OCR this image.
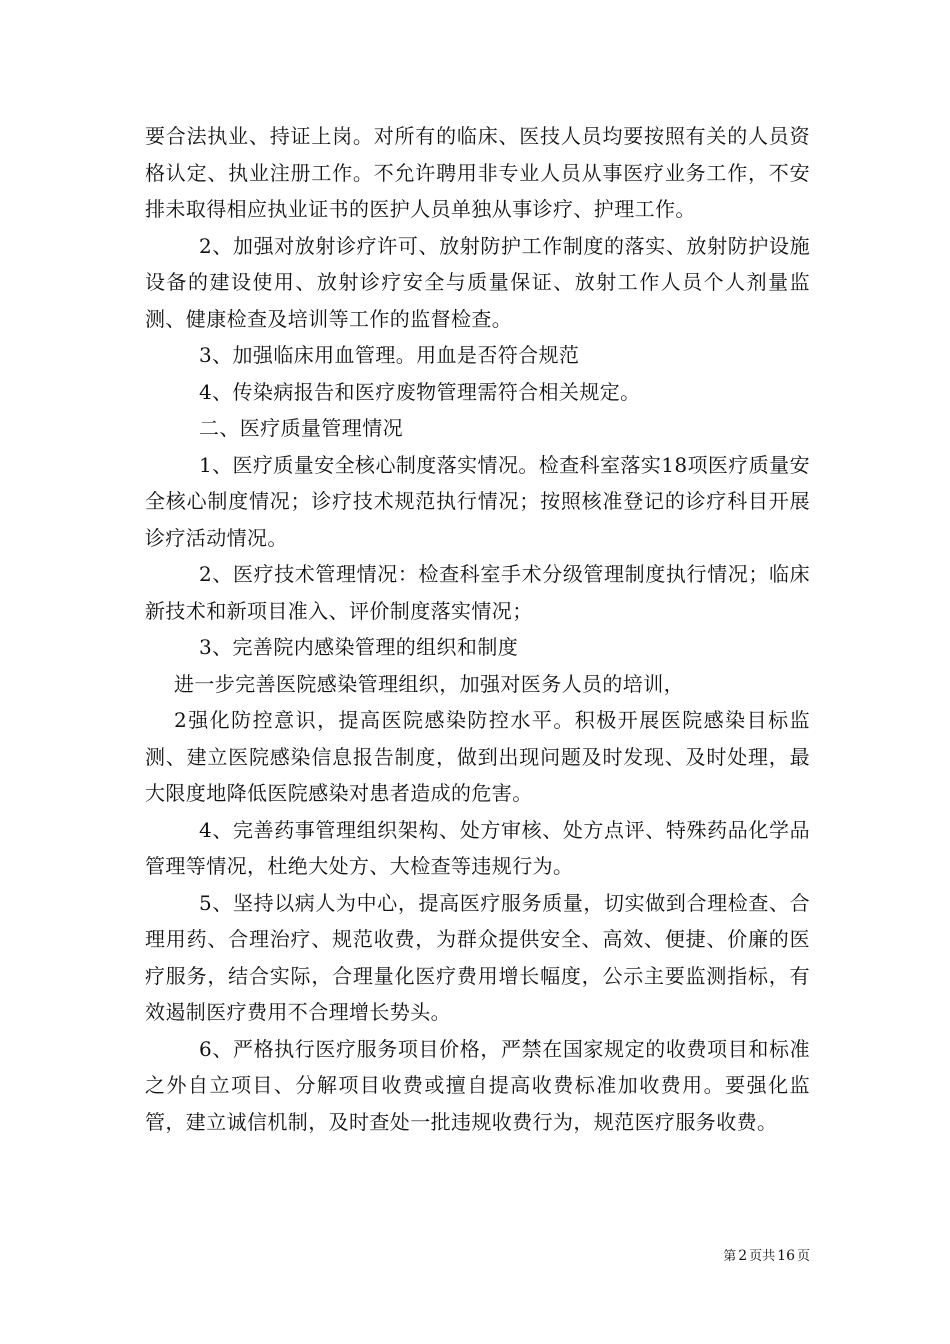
要合法执业、持证上岗。对所有的临床、医技人员均要按照有关的人员资格认定、执业注册工作。不允许聘用非专业人员从事医疗业务工作，不安排未取得相应执业证书的医护人员单独从事诊疗、护理工作。

2、加强对放射诊疗许可、放射防护工作制度的落实、放射防护设施设备的建设使用、放射诊疗安全与质量保证、放射工作人员个人剂量监测、健康检查及培训等工作的监督检查。

3、加强临床用血管理。用血是否符合规范

4、传染病报告和医疗废物管理需符合相关规定。

二、医疗质量管理情况

1、医疗质量安全核心制度落实情况。检查科室落实18项医疗质量安全核心制度情况；诊疗技术规范执行情况；按照核准登记的诊疗科目开展诊疗活动情况。

2、医疗技术管理情况：检查科室手术分级管理制度执行情况；临床新技术和新项目准入、评价制度落实情况；

3、完善院内感染管理的组织和制度

进一步完善医院感染管理组织，加强对医务人员的培训，

2强化防控意识，提高医院感染防控水平。积极开展医院感染目标监测、建立医院感染信息报告制度，做到出现问题及时发现、及时处理，最大限度地降低医院感染对患者造成的危害。

4、完善药事管理组织架构、处方审核、处方点评、特殊药品化学品管理等情况，杜绝大处方、大检查等违规行为。

5、坚持以病人为中心，提高医疗服务质量，切实做到合理检查、合理用药、合理治疗、规范收费，为群众提供安全、高效、便捷、价廉的医疗服务，结合实际，合理量化医疗费用增长幅度，公示主要监测指标，有效遏制医疗费用不合理增长势头。

6、严格执行医疗服务项目价格，严禁在国家规定的收费项目和标准之外自立项目、分解项目收费或擅自提高收费标准加收费用。要强化监管，建立诚信机制，及时查处一批违规收费行为，规范医疗服务收费。

第 2 页共 16 页
